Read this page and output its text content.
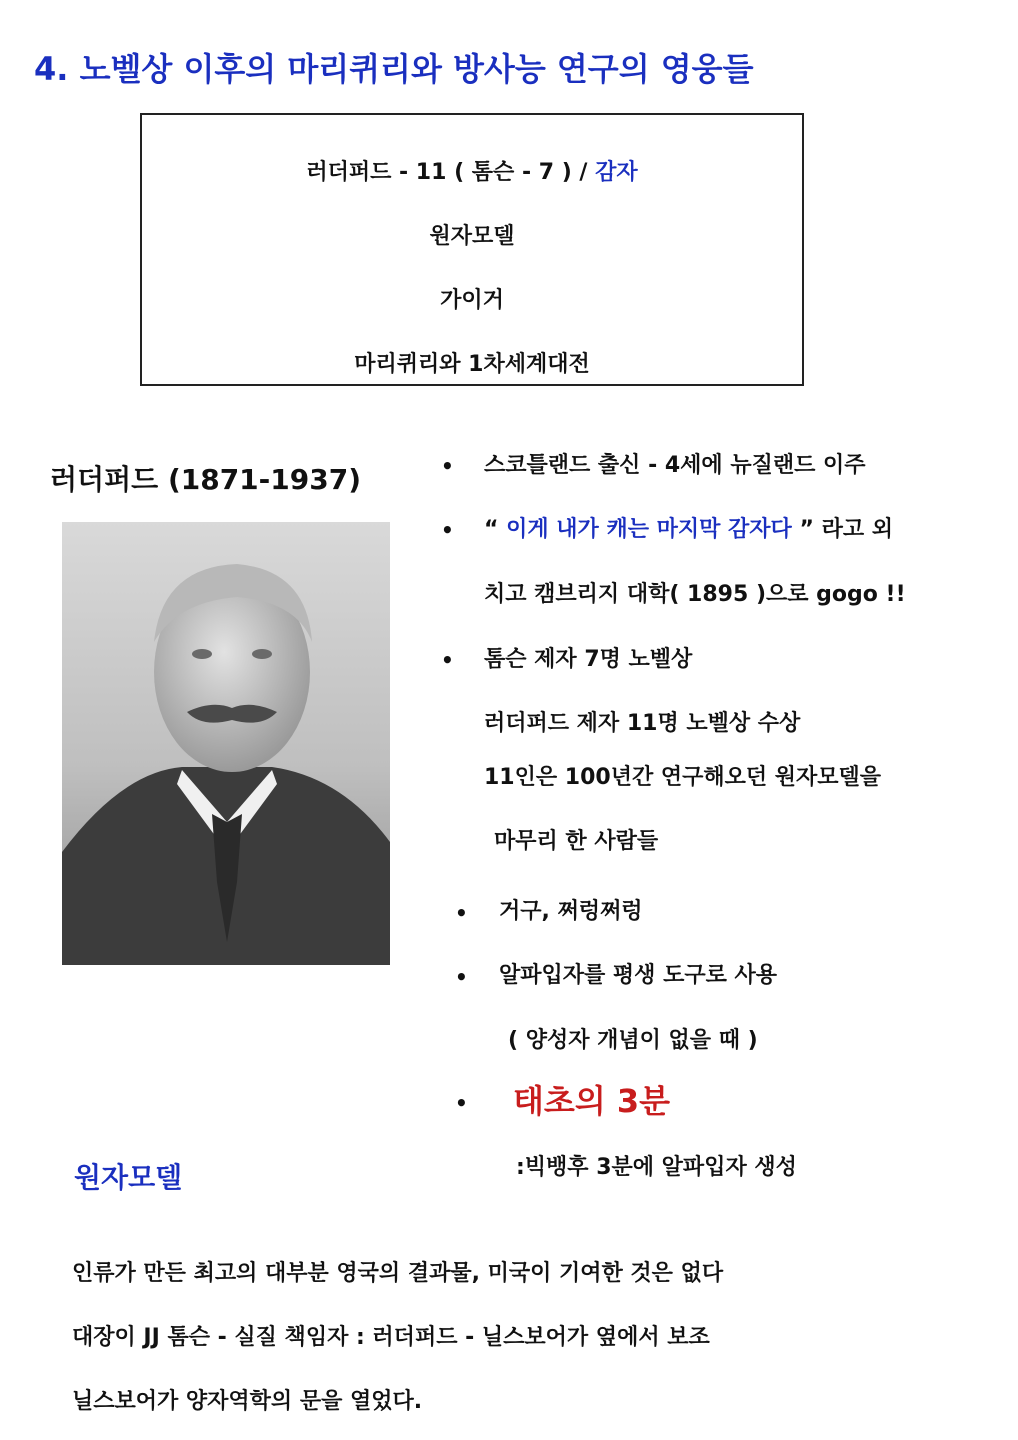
4. 노벨상 이후의 마리퀴리와 방사능 연구의 영웅들
러더퍼드 - 11 ( 톰슨 - 7 ) / 감자
원자모델
가이거
마리퀴리와 1차세계대전
러더퍼드 (1871-1937)	• 스코틀랜드 출신 - 4세에 뉴질랜드 이주
• “ 이게 내가 캐는 마지막 감자다 ” 라고 외
치고 캠브리지 대학( 1895 )으로 gogo !!
• 톰슨 제자 7명 노벨상
러더퍼드 제자 11명 노벨상 수상
11인은 100년간 연구해오던 원자모델을
마무리 한 사람들
• 거구, 쩌렁쩌렁
• 알파입자를 평생 도구로 사용
( 양성자 개념이 없을 때 )
• 태초의 3분
:빅뱅후 3분에 알파입자 생성
원자모델
인류가 만든 최고의 대부분 영국의 결과물, 미국이 기여한 것은 없다
대장이 JJ 톰슨 - 실질 책임자 : 러더퍼드 - 닐스보어가 옆에서 보조
닐스보어가 양자역학의 문을 열었다.
